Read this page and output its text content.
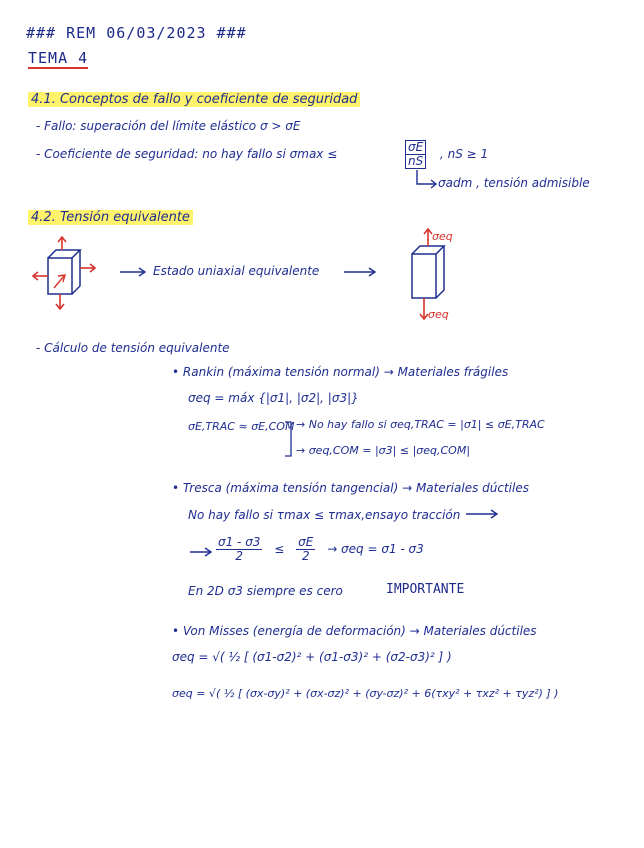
### REM 06/03/2023 ###
TEMA 4
4.1. Conceptos de fallo y coeficiente de seguridad
- Fallo: superación del límite elástico σ > σE
- Coeficiente de seguridad: no hay fallo si σmax ≤	$\frac{\sigma E}{nS}$ , nS ≥ 1
σadm , tensión admisible
4.2. Tensión equivalente
Estado uniaxial equivalente
σeq
σeq
- Cálculo de tensión equivalente
• Rankin (máxima tensión normal) → Materiales frágiles
σeq = máx {|σ1|, |σ2|, |σ3|}
σE,TRAC ≈ σE,COM → No hay fallo si σeq,TRAC = |σ1| ≤ σE,TRAC
→ σeq,COM = |σ3| ≤ |σeq,COM|
• Tresca (máxima tensión tangencial) → Materiales dúctiles
No hay fallo si τmax ≤ τmax,ensayo tracción
$\frac{\sigma 1 - \sigma 3}{2} \le \frac{\sigma E}{2} \to \sigma eq = \sigma 1 - \sigma 3$
En 2D σ3 siempre es cero	IMPORTANTE
• Von Misses (energía de deformación) → Materiales dúctiles
σeq = √( ½ [ (σ1-σ2)² + (σ1-σ3)² + (σ2-σ3)² ] )
σeq = √( ½ [ (σx-σy)² + (σx-σz)² + (σy-σz)² + 6(τxy² + τxz² + τyz²) ] )
